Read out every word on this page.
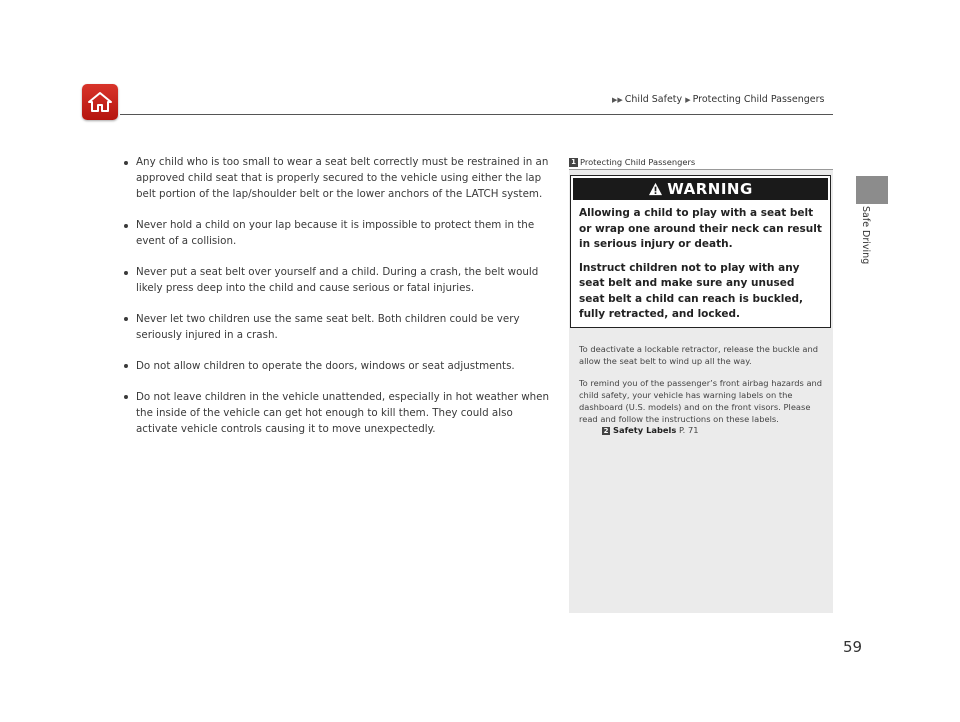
▶▶ Child Safety ▶ Protecting Child Passengers
Safe Driving
Any child who is too small to wear a seat belt correctly must be restrained in an approved child seat that is properly secured to the vehicle using either the lap belt portion of the lap/shoulder belt or the lower anchors of the LATCH system.
Never hold a child on your lap because it is impossible to protect them in the event of a collision.
Never put a seat belt over yourself and a child. During a crash, the belt would likely press deep into the child and cause serious or fatal injuries.
Never let two children use the same seat belt. Both children could be very seriously injured in a crash.
Do not allow children to operate the doors, windows or seat adjustments.
Do not leave children in the vehicle unattended, especially in hot weather when the inside of the vehicle can get hot enough to kill them. They could also activate vehicle controls causing it to move unexpectedly.
1 Protecting Child Passengers
WARNING

Allowing a child to play with a seat belt or wrap one around their neck can result in serious injury or death.

Instruct children not to play with any seat belt and make sure any unused seat belt a child can reach is buckled, fully retracted, and locked.

To deactivate a lockable retractor, release the buckle and allow the seat belt to wind up all the way.

To remind you of the passenger’s front airbag hazards and child safety, your vehicle has warning labels on the dashboard (U.S. models) and on the front visors. Please read and follow the instructions on these labels.

2 Safety Labels P. 71
59
